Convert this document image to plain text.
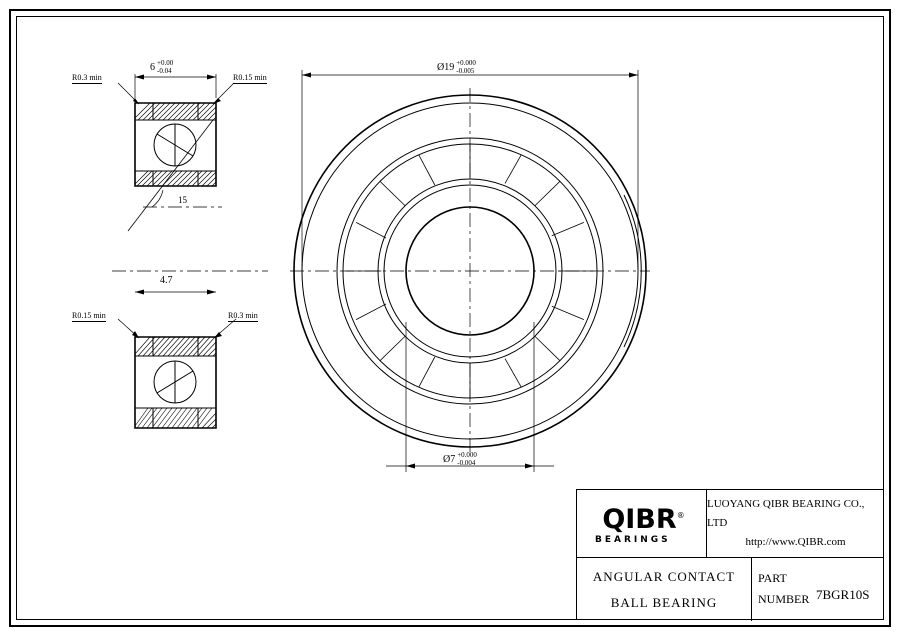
R0.3 min	R0.15 min
R0.15 min	R0.3 min
6 +0.00
-0.04
15
4.7
Ø19 +0.000
-0.005
Ø7 +0.000
-0.004
QIBR®
BEARINGS
LUOYANG QIBR BEARING CO., LTD
http://www.QIBR.com
ANGULAR CONTACT
BALL BEARING
PART
NUMBER 7BGR10S
